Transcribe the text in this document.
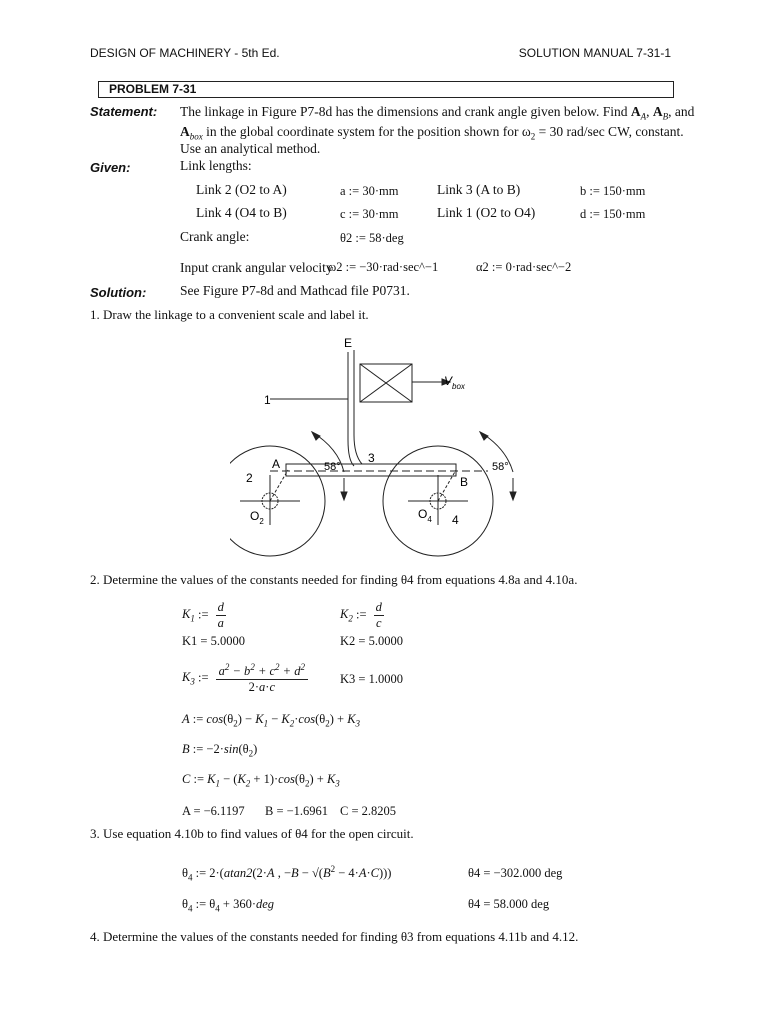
DESIGN OF MACHINERY - 5th Ed.	SOLUTION MANUAL 7-31-1
PROBLEM 7-31
Statement: The linkage in Figure P7-8d has the dimensions and crank angle given below. Find $A_A$, $A_B$, and
$A_{box}$ in the global coordinate system for the position shown for $\omega_2 = 30$ rad/sec CW, constant.
Use an analytical method.
Given:	Link lengths:
Link 2 (O2 to A)	a := 30·mm	Link 3 (A to B)	b := 150·mm
Link 4 (O4 to B)	c := 30·mm	Link 1 (O2 to O4)	d := 150·mm
Crank angle:	θ2 := 58·deg
Input crank angular velocity
ω2 := −30·rad·sec^−1	α2 := 0·rad·sec^−2
Solution: See Figure P7-8d and Mathcad file P0731.
1. Draw the linkage to a convenient scale and label it.
E
$V_{box}$
1
3
58°	58°
A
B
2
4
$O_2$
$O_4$
2. Determine the values of the constants needed for finding θ4 from equations 4.8a and 4.10a.
$K_1$ := $\frac{d}{a}$	$K_2$ := $\frac{d}{c}$
K1 = 5.0000	K2 = 5.0000
$K_3$ := $\frac{a^2 - b^2 + c^2 + d^2}{2\cdot a\cdot c}$	K3 = 1.0000
A := $\cos(\theta_2) - K_1 - K_2\cdot\cos(\theta_2) + K_3$
B := $-2\cdot\sin(\theta_2)$
C := $K_1 - (K_2 + 1)\cdot\cos(\theta_2) + K_3$
A = −6.1197 B = −1.6961 C = 2.8205
3. Use equation 4.10b to find values of θ4 for the open circuit.
$\theta_4$ := 2·(atan2(2·A , $-B - √(B^2 - 4\cdot A\cdot C)$))	θ4 = −302.000 deg
$\theta_4$ := $\theta_4 + 360\cdot deg$	θ4 = 58.000 deg
4. Determine the values of the constants needed for finding θ3 from equations 4.11b and 4.12.
